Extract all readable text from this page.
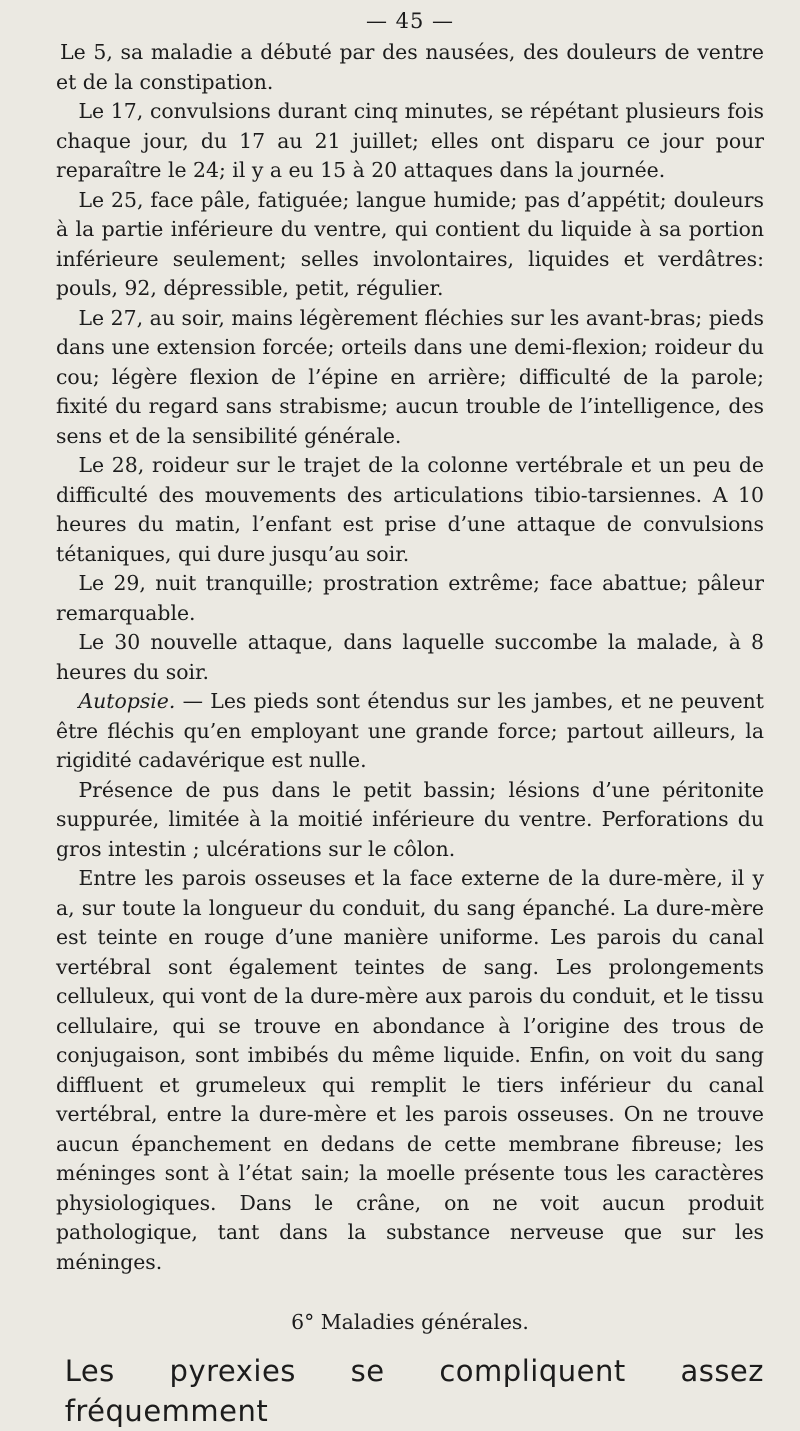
— 45 —

Le 5, sa maladie a débuté par des nausées, des douleurs de ventre et de la constipation.

Le 17, convulsions durant cinq minutes, se répétant plusieurs fois chaque jour, du 17 au 21 juillet; elles ont disparu ce jour pour reparaître le 24; il y a eu 15 à 20 attaques dans la journée.

Le 25, face pâle, fatiguée; langue humide; pas d’appétit; douleurs à la partie inférieure du ventre, qui contient du liquide à sa portion inférieure seulement; selles involontaires, liquides et verdâtres: pouls, 92, dépressible, petit, régulier.

Le 27, au soir, mains légèrement fléchies sur les avant-bras; pieds dans une extension forcée; orteils dans une demi-flexion; roideur du cou; légère flexion de l’épine en arrière; difficulté de la parole; fixité du regard sans strabisme; aucun trouble de l’intelligence, des sens et de la sensibilité générale.

Le 28, roideur sur le trajet de la colonne vertébrale et un peu de difficulté des mouvements des articulations tibio-tarsiennes. A 10 heures du matin, l’enfant est prise d’une attaque de convulsions tétaniques, qui dure jusqu’au soir.

Le 29, nuit tranquille; prostration extrême; face abattue; pâleur remarquable.

Le 30 nouvelle attaque, dans laquelle succombe la malade, à 8 heures du soir.

Autopsie. — Les pieds sont étendus sur les jambes, et ne peuvent être fléchis qu’en employant une grande force; partout ailleurs, la rigidité cadavérique est nulle.

Présence de pus dans le petit bassin; lésions d’une péritonite suppurée, limitée à la moitié inférieure du ventre. Perforations du gros intestin ; ulcérations sur le côlon.

Entre les parois osseuses et la face externe de la dure-mère, il y a, sur toute la longueur du conduit, du sang épanché. La dure-mère est teinte en rouge d’une manière uniforme. Les parois du canal vertébral sont également teintes de sang. Les prolongements celluleux, qui vont de la dure-mère aux parois du conduit, et le tissu cellulaire, qui se trouve en abondance à l’origine des trous de conjugaison, sont imbibés du même liquide. Enfin, on voit du sang diffluent et grumeleux qui remplit le tiers inférieur du canal vertébral, entre la dure-mère et les parois osseuses. On ne trouve aucun épanchement en dedans de cette membrane fibreuse; les méninges sont à l’état sain; la moelle présente tous les caractères physiologiques. Dans le crâne, on ne voit aucun produit pathologique, tant dans la substance nerveuse que sur les méninges.

6° Maladies générales.
Les pyrexies se compliquent assez fréquemment
